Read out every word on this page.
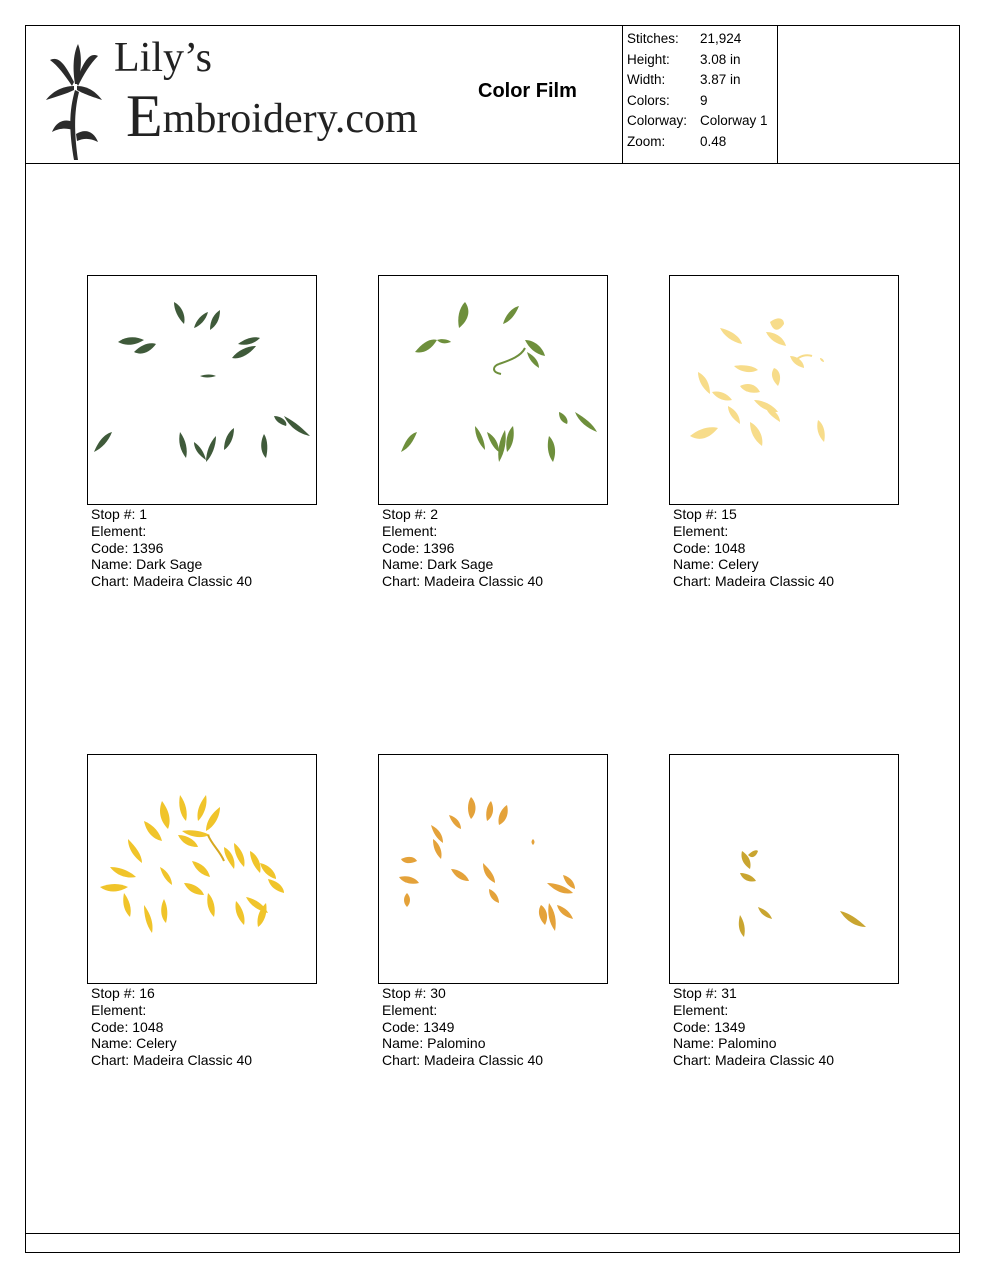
Lily’s
Embroidery.com
Color Film
Stitches:	21,924
Height:	3.08 in
Width:	3.87 in
Colors:	9
Colorway: Colorway 1
Zoom:	0.48
Stop #: 1
Element:
Code: 1396
Name: Dark Sage
Chart: Madeira Classic 40
Stop #: 2
Element:
Code: 1396
Name: Dark Sage
Chart: Madeira Classic 40
Stop #: 15
Element:
Code: 1048
Name: Celery
Chart: Madeira Classic 40
Stop #: 16
Element:
Code: 1048
Name: Celery
Chart: Madeira Classic 40
Stop #: 30
Element:
Code: 1349
Name: Palomino
Chart: Madeira Classic 40
Stop #: 31
Element:
Code: 1349
Name: Palomino
Chart: Madeira Classic 40
